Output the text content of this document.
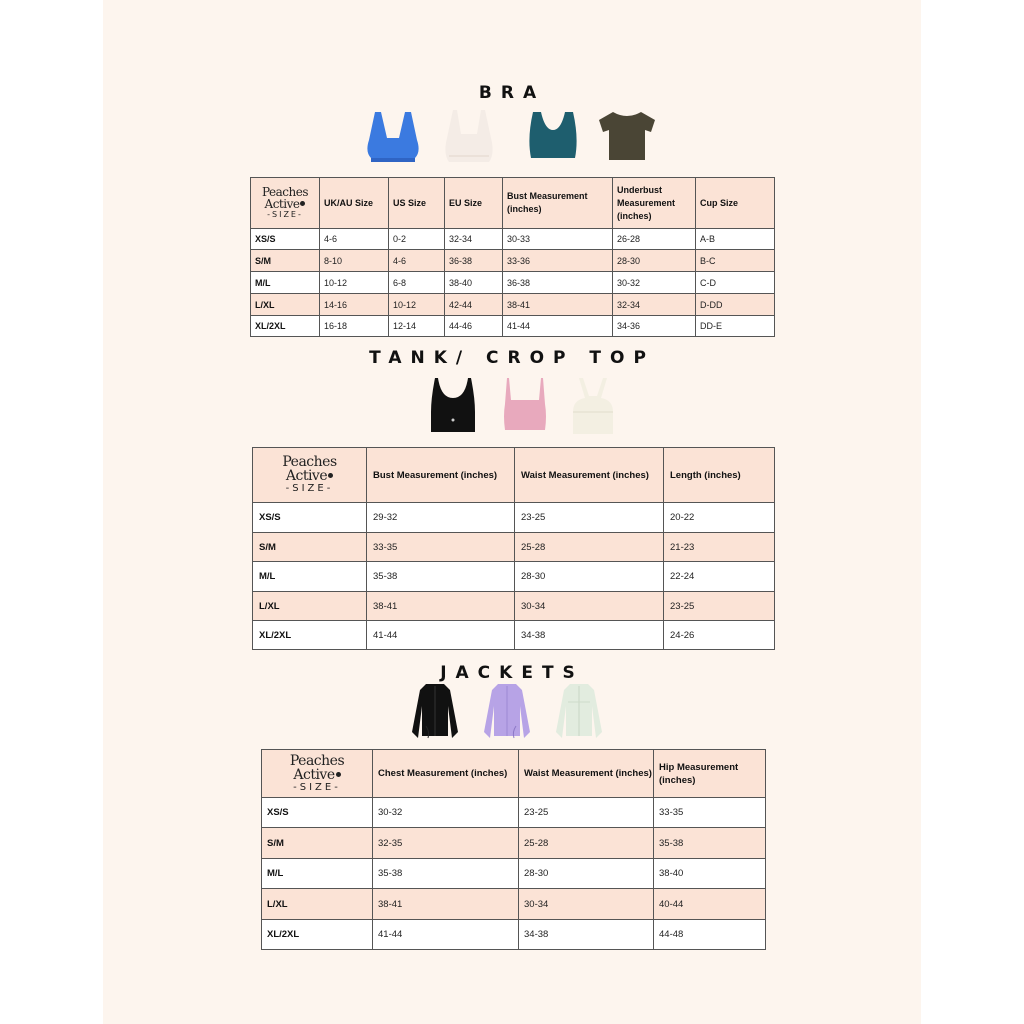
BRA
Peaches
Active
-SIZE-	UK/AU Size	US Size	EU Size	Bust Measurement (inches)	Underbust Measurement (inches)	Cup Size
XS/S	4-6	0-2	32-34	30-33	26-28	A-B
S/M	8-10	4-6	36-38	33-36	28-30	B-C
M/L	10-12	6-8	38-40	36-38	30-32	C-D
L/XL	14-16	10-12	42-44	38-41	32-34	D-DD
XL/2XL	16-18	12-14	44-46	41-44	34-36	DD-E
TANK/ CROP TOP
Peaches
Active
-SIZE-	Bust Measurement (inches)	Waist Measurement (inches)	Length (inches)
XS/S	29-32	23-25	20-22
S/M	33-35	25-28	21-23
M/L	35-38	28-30	22-24
L/XL	38-41	30-34	23-25
XL/2XL	41-44	34-38	24-26
JACKETS
Peaches
Active
-SIZE-	Chest Measurement (inches)	Waist Measurement (inches)	Hip Measurement (inches)
XS/S	30-32	23-25	33-35
S/M	32-35	25-28	35-38
M/L	35-38	28-30	38-40
L/XL	38-41	30-34	40-44
XL/2XL	41-44	34-38	44-48
